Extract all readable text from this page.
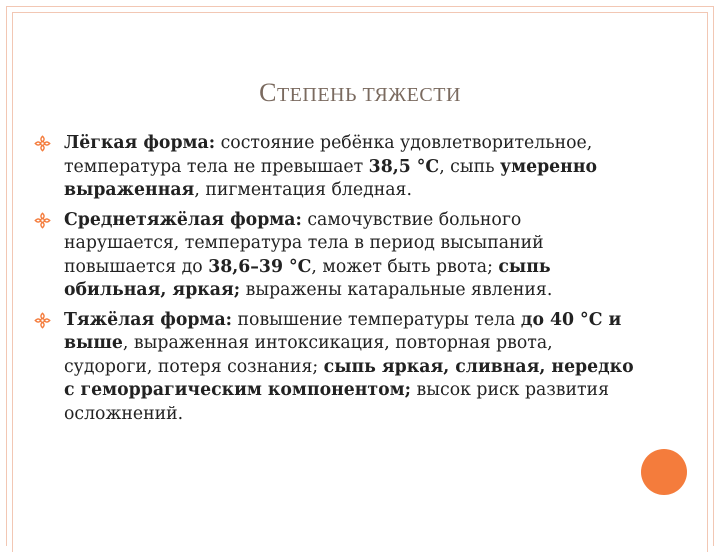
СТЕПЕНЬ ТЯЖЕСТИ
Лёгкая форма: состояние ребёнка удовлетворительное, температура тела не превышает 38,5 °С, сыпь умеренно выраженная, пигментация бледная.
Среднетяжёлая форма: самочувствие больного нарушается, температура тела в период высыпаний повышается до 38,6–39 °С, может быть рвота; сыпь обильная, яркая; выражены катаральные явления.
Тяжёлая форма: повышение температуры тела до 40 °С и выше, выраженная интоксикация, повторная рвота, судороги, потеря сознания; сыпь яркая, сливная, нередко с геморрагическим компонентом; высок риск развития осложнений.
